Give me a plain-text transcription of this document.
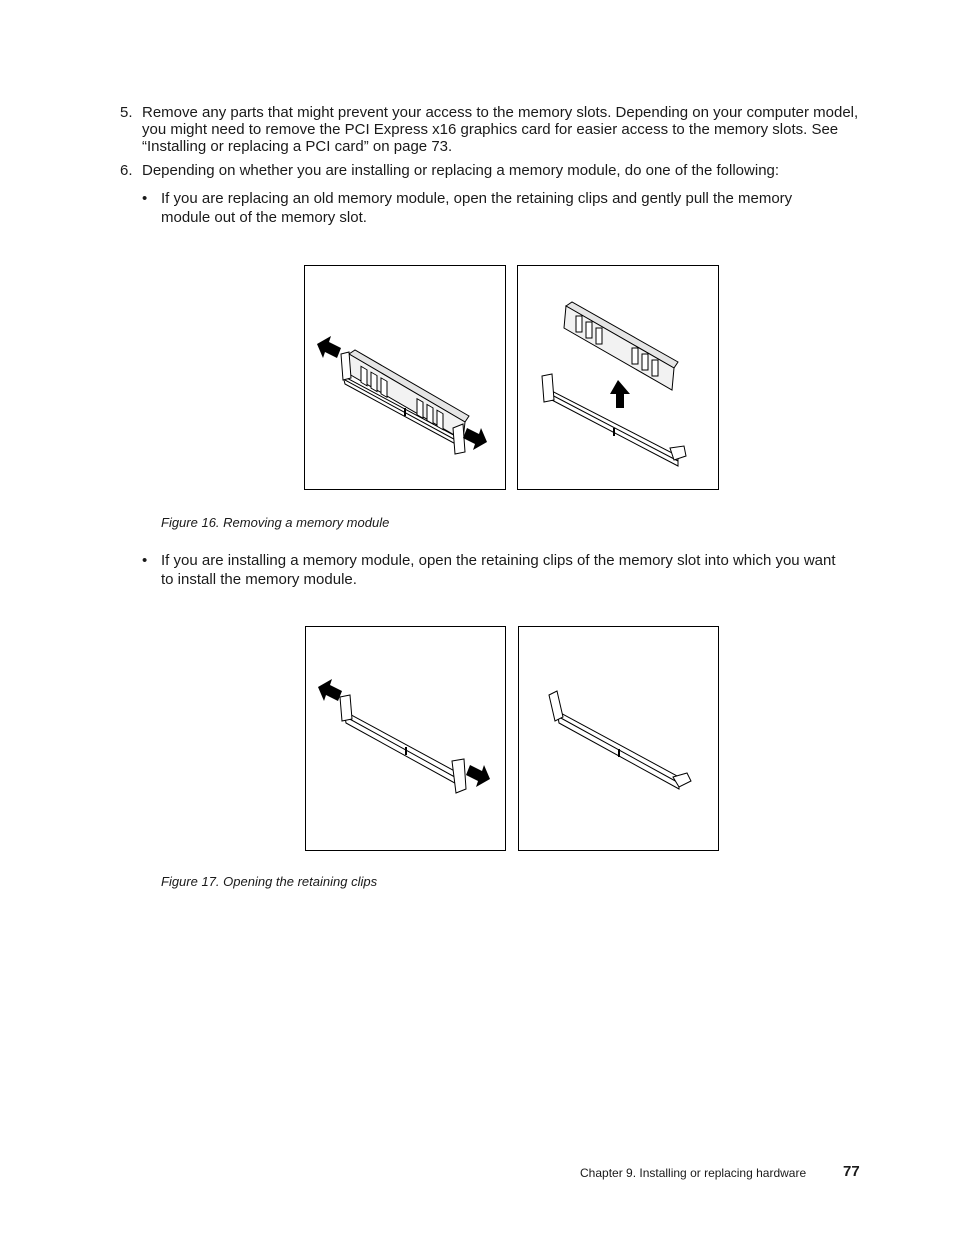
5. Remove any parts that might prevent your access to the memory slots. Depending on your computer model, you might need to remove the PCI Express x16 graphics card for easier access to the memory slots. See “Installing or replacing a PCI card” on page 73.
6. Depending on whether you are installing or replacing a memory module, do one of the following:
• If you are replacing an old memory module, open the retaining clips and gently pull the memory module out of the memory slot.
Figure 16. Removing a memory module
• If you are installing a memory module, open the retaining clips of the memory slot into which you want to install the memory module.
Figure 17. Opening the retaining clips
Chapter 9. Installing or replacing hardware 77
